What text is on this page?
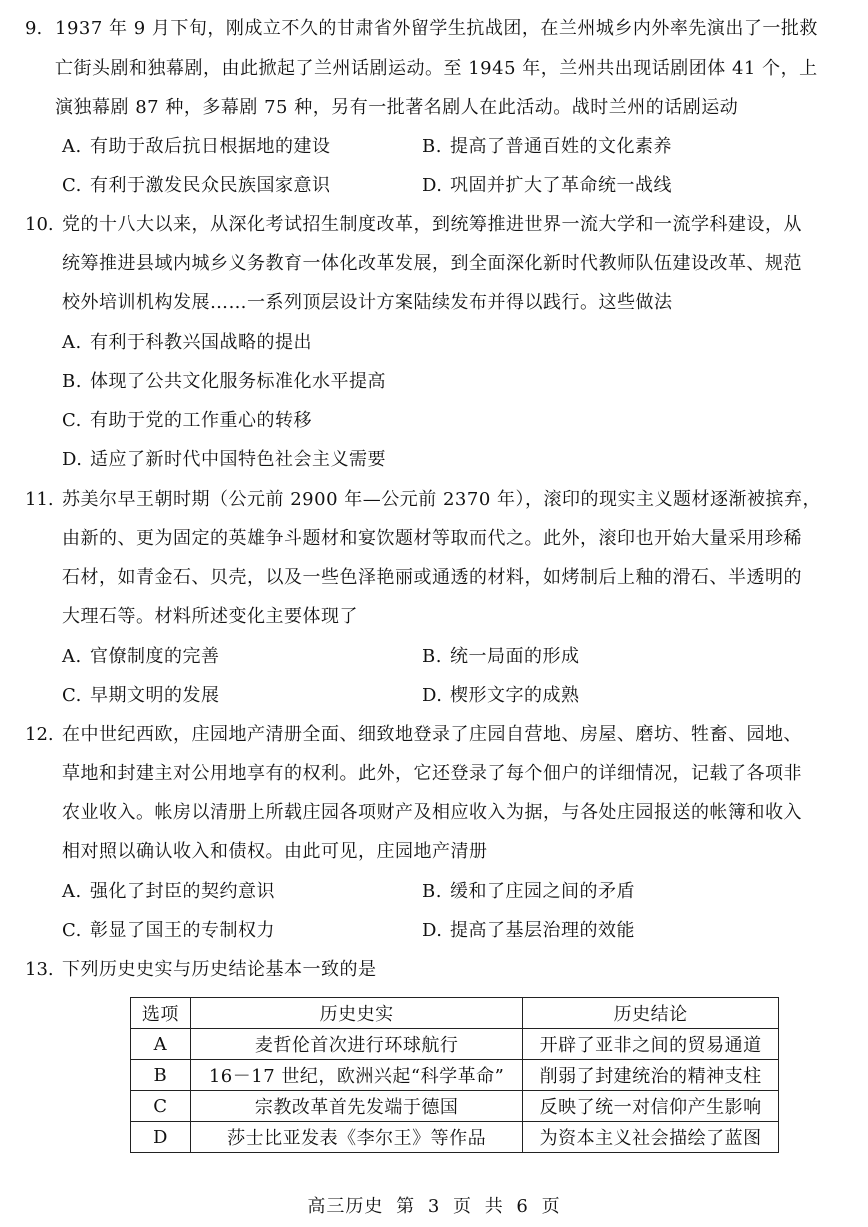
9. 1937 年 9 月下旬，刚成立不久的甘肃省外留学生抗战团，在兰州城乡内外率先演出了一批救
亡街头剧和独幕剧，由此掀起了兰州话剧运动。至 1945 年，兰州共出现话剧团体 41 个，上
演独幕剧 87 种，多幕剧 75 种，另有一批著名剧人在此活动。战时兰州的话剧运动
A. 有助于敌后抗日根据地的建设	B. 提高了普通百姓的文化素养
C. 有利于激发民众民族国家意识	D. 巩固并扩大了革命统一战线
10. 党的十八大以来，从深化考试招生制度改革，到统筹推进世界一流大学和一流学科建设，从
统筹推进县域内城乡义务教育一体化改革发展，到全面深化新时代教师队伍建设改革、规范
校外培训机构发展……一系列顶层设计方案陆续发布并得以践行。这些做法
A. 有利于科教兴国战略的提出
B. 体现了公共文化服务标准化水平提高
C. 有助于党的工作重心的转移
D. 适应了新时代中国特色社会主义需要
11. 苏美尔早王朝时期（公元前 2900 年—公元前 2370 年），滚印的现实主义题材逐渐被摈弃，
由新的、更为固定的英雄争斗题材和宴饮题材等取而代之。此外，滚印也开始大量采用珍稀
石材，如青金石、贝壳，以及一些色泽艳丽或通透的材料，如烤制后上釉的滑石、半透明的
大理石等。材料所述变化主要体现了
A. 官僚制度的完善	B. 统一局面的形成
C. 早期文明的发展	D. 楔形文字的成熟
12. 在中世纪西欧，庄园地产清册全面、细致地登录了庄园自营地、房屋、磨坊、牲畜、园地、
草地和封建主对公用地享有的权利。此外，它还登录了每个佃户的详细情况，记载了各项非
农业收入。帐房以清册上所载庄园各项财产及相应收入为据，与各处庄园报送的帐簿和收入
相对照以确认收入和债权。由此可见，庄园地产清册
A. 强化了封臣的契约意识	B. 缓和了庄园之间的矛盾
C. 彰显了国王的专制权力	D. 提高了基层治理的效能
13. 下列历史史实与历史结论基本一致的是
选项	历史史实	历史结论
A	麦哲伦首次进行环球航行	开辟了亚非之间的贸易通道
B	16－17 世纪，欧洲兴起“科学革命”	削弱了封建统治的精神支柱
C	宗教改革首先发端于德国	反映了统一对信仰产生影响
D	莎士比亚发表《李尔王》等作品	为资本主义社会描绘了蓝图
高三历史 第 3 页 共 6 页
